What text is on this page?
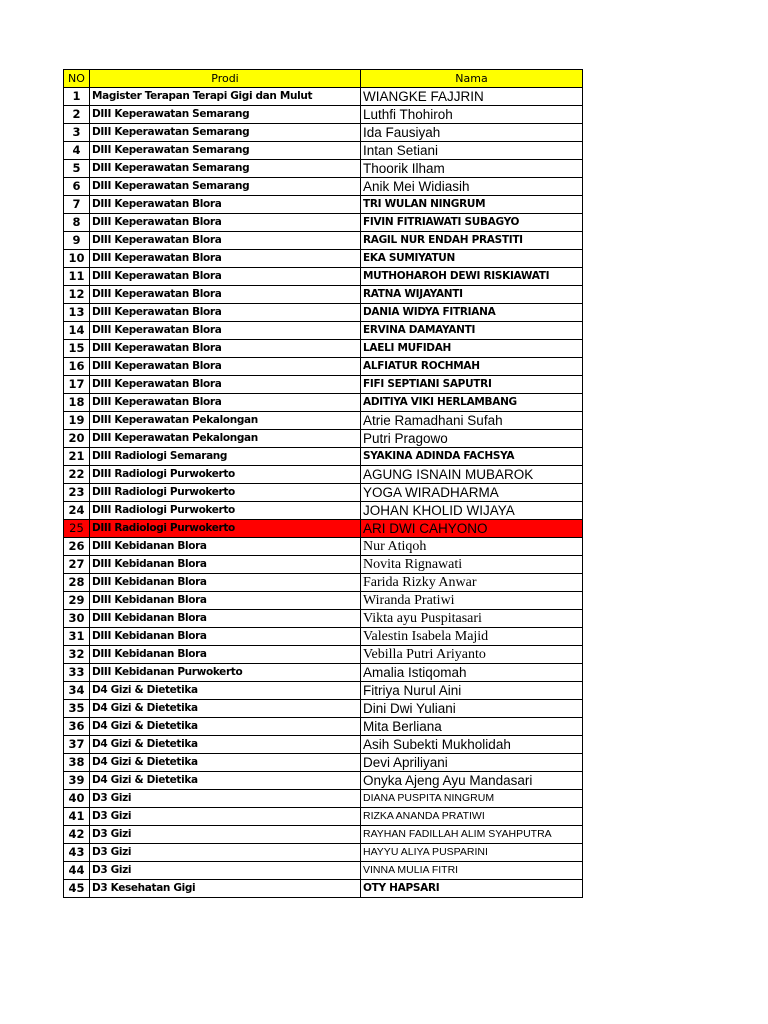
NO	Prodi	Nama
1	Magister Terapan Terapi Gigi dan Mulut	WIANGKE FAJJRIN
2	DIII Keperawatan Semarang	Luthfi Thohiroh
3	DIII Keperawatan Semarang	Ida Fausiyah
4	DIII Keperawatan Semarang	Intan Setiani
5	DIII Keperawatan Semarang	Thoorik Ilham
6	DIII Keperawatan Semarang	Anik Mei Widiasih
7	DIII Keperawatan Blora	TRI WULAN NINGRUM
8	DIII Keperawatan Blora	FIVIN FITRIAWATI SUBAGYO
9	DIII Keperawatan Blora	RAGIL NUR ENDAH PRASTITI
10	DIII Keperawatan Blora	EKA SUMIYATUN
11	DIII Keperawatan Blora	MUTHOHAROH DEWI RISKIAWATI
12	DIII Keperawatan Blora	RATNA WIJAYANTI
13	DIII Keperawatan Blora	DANIA WIDYA FITRIANA
14	DIII Keperawatan Blora	ERVINA DAMAYANTI
15	DIII Keperawatan Blora	LAELI MUFIDAH
16	DIII Keperawatan Blora	ALFIATUR ROCHMAH
17	DIII Keperawatan Blora	FIFI SEPTIANI SAPUTRI
18	DIII Keperawatan Blora	ADITIYA VIKI HERLAMBANG
19	DIII Keperawatan Pekalongan	Atrie Ramadhani Sufah
20	DIII Keperawatan Pekalongan	Putri Pragowo
21	DIII Radiologi Semarang	SYAKINA ADINDA FACHSYA
22	DIII Radiologi Purwokerto	AGUNG ISNAIN MUBAROK
23	DIII Radiologi Purwokerto	YOGA WIRADHARMA
24	DIII Radiologi Purwokerto	JOHAN KHOLID WIJAYA
25	DIII Radiologi Purwokerto	ARI DWI CAHYONO
26	DIII Kebidanan Blora	Nur Atiqoh
27	DIII Kebidanan Blora	Novita Rignawati
28	DIII Kebidanan Blora	Farida Rizky Anwar
29	DIII Kebidanan Blora	Wiranda Pratiwi
30	DIII Kebidanan Blora	Vikta ayu Puspitasari
31	DIII Kebidanan Blora	Valestin Isabela Majid
32	DIII Kebidanan Blora	Vebilla Putri Ariyanto
33	DIII Kebidanan Purwokerto	Amalia Istiqomah
34	D4 Gizi & Dietetika	Fitriya Nurul Aini
35	D4 Gizi & Dietetika	Dini Dwi Yuliani
36	D4 Gizi & Dietetika	Mita Berliana
37	D4 Gizi & Dietetika	Asih Subekti Mukholidah
38	D4 Gizi & Dietetika	Devi Apriliyani
39	D4 Gizi & Dietetika	Onyka Ajeng Ayu Mandasari
40	D3 Gizi	DIANA PUSPITA NINGRUM
41	D3 Gizi	RIZKA ANANDA PRATIWI
42	D3 Gizi	RAYHAN FADILLAH ALIM SYAHPUTRA
43	D3 Gizi	HAYYU ALIYA PUSPARINI
44	D3 Gizi	VINNA MULIA FITRI
45	D3 Kesehatan Gigi	OTY HAPSARI
